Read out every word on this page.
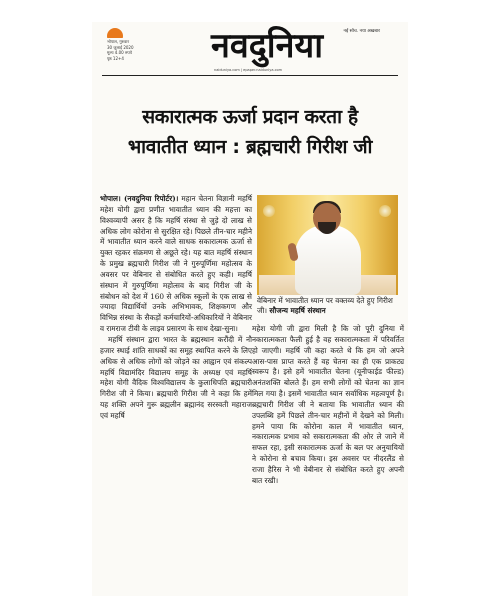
भोपाल, गुरुवार
30 जुलाई 2020
मूल्य 4.00 रुपये
पृष्ठ 12+4	नवदुनिया	नई सोच. नया अखबार
naiduniya.com | epaper.naiduniya.com
सकारात्मक ऊर्जा प्रदान करता है
भावातीत ध्यान : ब्रह्मचारी गिरीश जी

भोपाल। (नवदुनिया रिपोर्टर)। महान चेतना विज्ञानी महर्षि महेश योगी द्वारा प्रणीत भावातीत ध्यान की महत्ता का विश्वव्यापी असर है कि महर्षि संस्था से जुड़े दो लाख से अधिक लोग कोरोना से सुरक्षित रहे। पिछले तीन-चार महीने में भावातीत ध्यान करने वाले साधक सकारात्मक ऊर्जा से युक्त रहकर संक्रमण से अछूते रहे। यह बात महर्षि संस्थान के प्रमुख ब्रह्मचारी गिरीश जी ने गुरुपूर्णिमा महोत्सव के अवसर पर वेबिनार से संबोधित करते हुए कही। महर्षि संस्थान में गुरुपूर्णिमा महोत्सव के बाद गिरीश जी के संबोधन को देश में 160 से अधिक स्कूलों के एक लाख से ज्यादा विद्यार्थियों उनके अभिभावक, शिक्षकगण और विभिन्न संस्था के सैकड़ों कर्मचारियों-अधिकारियों ने वेबिनार व रामराज टीवी के लाइव प्रसारण के साथ देखा-सुना।

महर्षि संस्थान द्वारा भारत के ब्रह्मस्थान करौंदी में नौ हजार स्थाई शांति साधकों का समूह स्थापित करने के लिए अधिक से अधिक लोगों को जोड़ने का आह्वान एवं संकल्प महर्षि विद्यामंदिर विद्यालय समूह के अध्यक्ष एवं महर्षि महेश योगी वैदिक विश्वविद्यालय के कुलाधिपति ब्रह्मचारी गिरीश जी ने किया। ब्रह्मचारी गिरीश जी ने कहा कि हमें यह शक्ति अपने गुरू ब्रह्मलीन ब्रह्मानंद सरस्वती महाराज एवं महर्षि

वेबिनार में भावातीत ध्यान पर वक्तव्य देते हुए गिरीश जी। सौजन्य महर्षि संस्थान

महेश योगी जी द्वारा मिली है कि जो पूरी दुनिया में नकारात्मकता फैली हुई है वह सकारात्मकता में परिवर्तित हो जाएगी। महर्षि जी कहा करते थे कि हम जो अपने आस-पास प्राप्त करते हैं वह चेतना का ही एक प्राकट्य स्वरूप है। इसे हमें भावातीत चेतना (यूनीफाईड फील्ड) अनंतशक्ति बोलते हैं। हम सभी लोगों को चेतना का ज्ञान मिल गया है। इसमें भावातीत ध्यान सर्वाधिक महत्वपूर्ण है। ब्रह्मचारी गिरीश जी ने बताया कि भावातीत ध्यान की उपलब्धि हमें पिछले तीन-चार महीनों में देखने को मिली। हमने पाया कि कोरोना काल में भावातीत ध्यान, नकारात्मक प्रभाव को सकारात्मकता की ओर ले जाने में सफल रहा, इसी सकारात्मक ऊर्जा के बल पर अनुयायियों ने कोरोना से बचाव किया। इस अवसर पर नीदरलैंड से राजा हैरिस ने भी वेबीनार से संबोधित करते हुए अपनी बात रखी।
